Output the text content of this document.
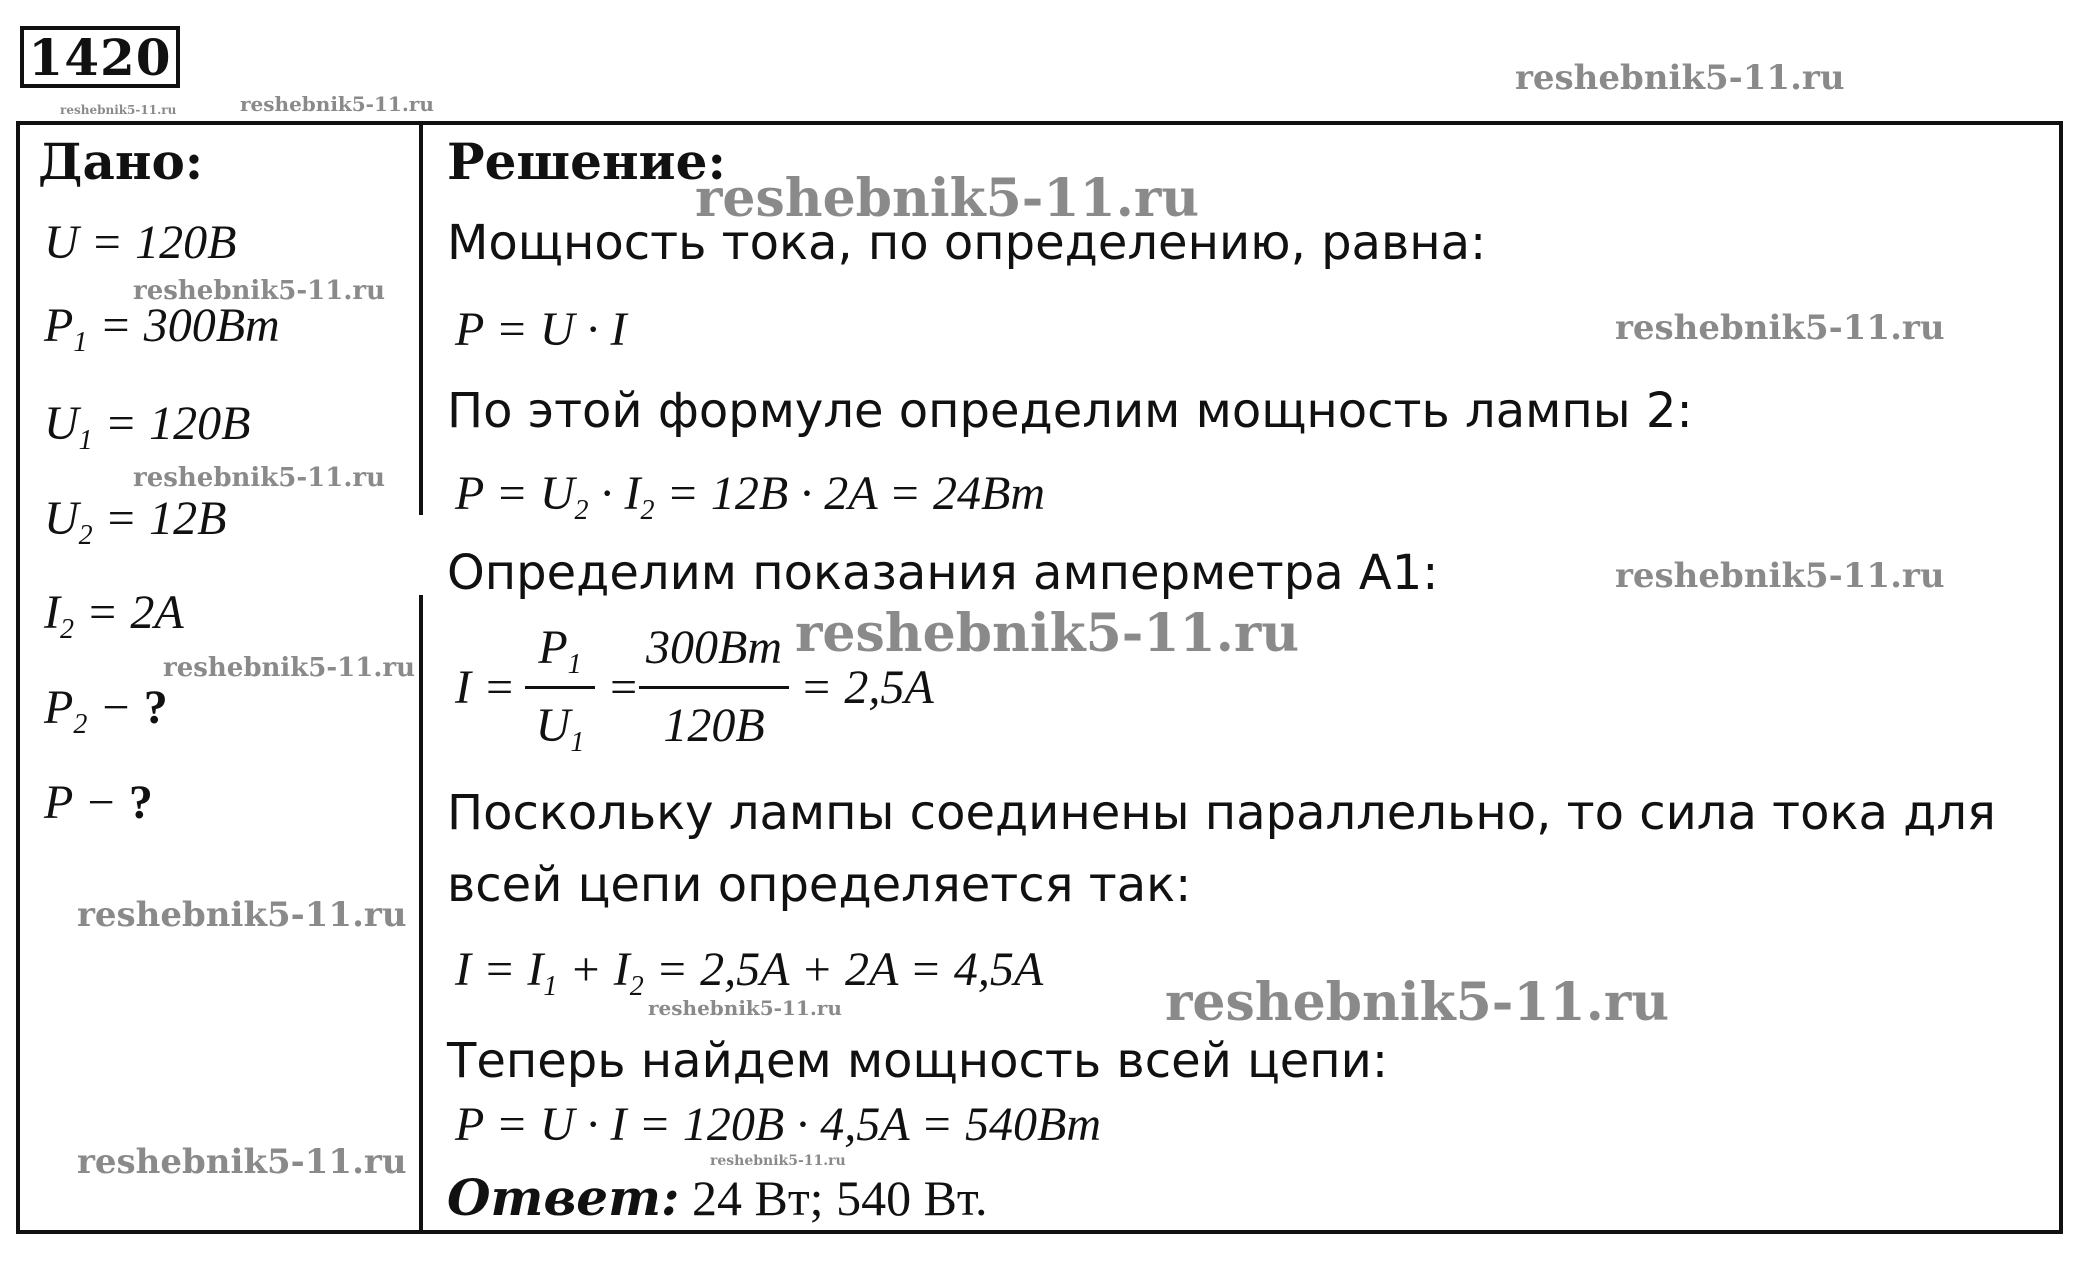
1420
reshebnik5-11.ru	reshebnik5-11.ru
reshebnik5-11.ru
reshebnik5-11.ru
reshebnik5-11.ru
reshebnik5-11.ru
reshebnik5-11.ru
reshebnik5-11.ru
reshebnik5-11.ru
reshebnik5-11.ru
reshebnik5-11.ru
reshebnik5-11.ru	reshebnik5-11.ru
reshebnik5-11.ru	reshebnik5-11.ru
Дано:
U = 120B
$P_1 = 300Bm$
$U_1 = 120B$
$U_2 = 12B$
$I_2 = 2A$
$P_2$ − ?
P − ?
Решение:
Мощность тока, по определению, равна:
P = U · I
По этой формуле определим мощность лампы 2:
$P = U_2 \cdot I_2 = 12B \cdot 2A = 24Bm$
Определим показания амперметра А1:
I =
$P_1$
$U_1$
=
300Bm
120B
= 2,5A
Поскольку лампы соединены параллельно, то сила тока для
всей цепи определяется так:
$I = I_1 + I_2 = 2,5A + 2A = 4,5A$
Теперь найдем мощность всей цепи:
P = U · I = 120B · 4,5A = 540Bm
Ответ: 24 Вт; 540 Вт.
